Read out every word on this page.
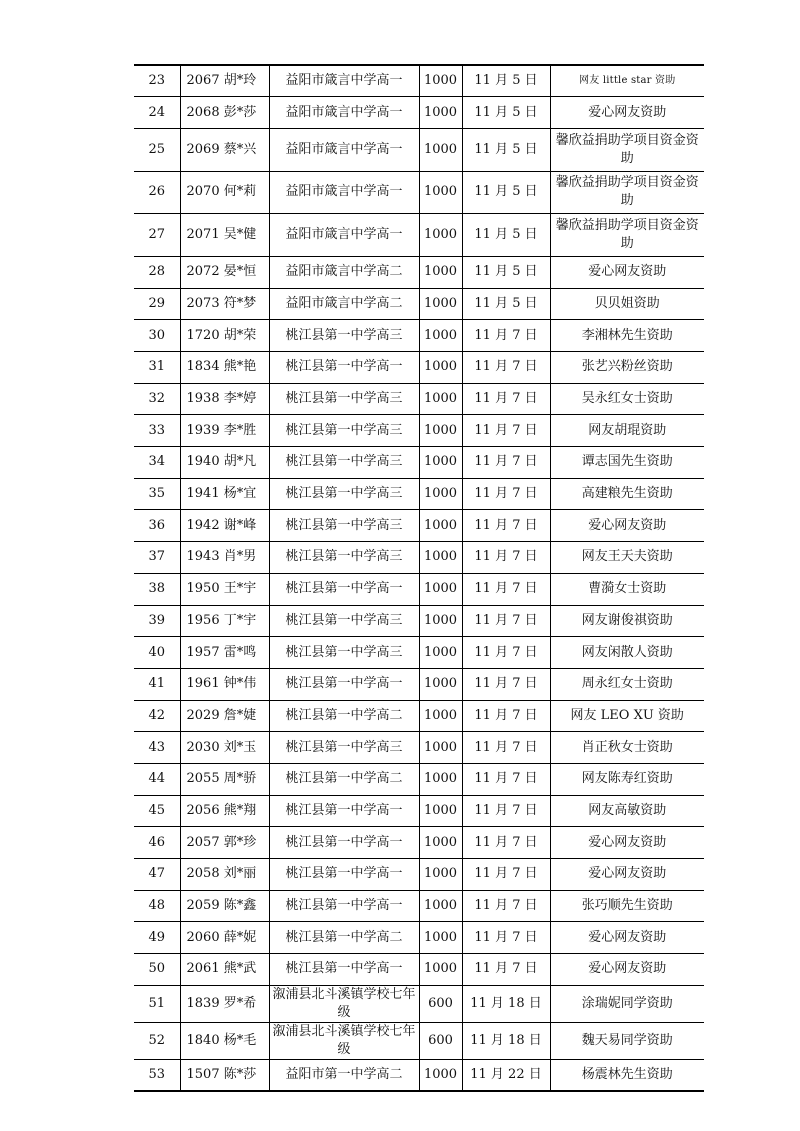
23	2067 胡*玲	益阳市箴言中学高一	1000	11 月 5 日	网友 little star 资助
24	2068 彭*莎	益阳市箴言中学高一	1000	11 月 5 日	爱心网友资助
25	2069 蔡*兴	益阳市箴言中学高一	1000	11 月 5 日	馨欣益捐助学项目资金资助
26	2070 何*莉	益阳市箴言中学高一	1000	11 月 5 日	馨欣益捐助学项目资金资助
27	2071 吴*健	益阳市箴言中学高一	1000	11 月 5 日	馨欣益捐助学项目资金资助
28	2072 晏*恒	益阳市箴言中学高二	1000	11 月 5 日	爱心网友资助
29	2073 符*梦	益阳市箴言中学高二	1000	11 月 5 日	贝贝姐资助
30	1720 胡*荣	桃江县第一中学高三	1000	11 月 7 日	李湘林先生资助
31	1834 熊*艳	桃江县第一中学高一	1000	11 月 7 日	张艺兴粉丝资助
32	1938 李*婷	桃江县第一中学高三	1000	11 月 7 日	吴永红女士资助
33	1939 李*胜	桃江县第一中学高三	1000	11 月 7 日	网友胡琨资助
34	1940 胡*凡	桃江县第一中学高三	1000	11 月 7 日	谭志国先生资助
35	1941 杨*宜	桃江县第一中学高三	1000	11 月 7 日	高建粮先生资助
36	1942 谢*峰	桃江县第一中学高三	1000	11 月 7 日	爱心网友资助
37	1943 肖*男	桃江县第一中学高三	1000	11 月 7 日	网友王天夫资助
38	1950 王*宇	桃江县第一中学高一	1000	11 月 7 日	曹漪女士资助
39	1956 丁*宇	桃江县第一中学高三	1000	11 月 7 日	网友谢俊祺资助
40	1957 雷*鸣	桃江县第一中学高三	1000	11 月 7 日	网友闲散人资助
41	1961 钟*伟	桃江县第一中学高一	1000	11 月 7 日	周永红女士资助
42	2029 詹*婕	桃江县第一中学高二	1000	11 月 7 日	网友 LEO XU 资助
43	2030 刘*玉	桃江县第一中学高三	1000	11 月 7 日	肖正秋女士资助
44	2055 周*骄	桃江县第一中学高二	1000	11 月 7 日	网友陈寿红资助
45	2056 熊*翔	桃江县第一中学高一	1000	11 月 7 日	网友高敏资助
46	2057 郭*珍	桃江县第一中学高一	1000	11 月 7 日	爱心网友资助
47	2058 刘*丽	桃江县第一中学高一	1000	11 月 7 日	爱心网友资助
48	2059 陈*鑫	桃江县第一中学高一	1000	11 月 7 日	张巧顺先生资助
49	2060 薛*妮	桃江县第一中学高二	1000	11 月 7 日	爱心网友资助
50	2061 熊*武	桃江县第一中学高一	1000	11 月 7 日	爱心网友资助
51	1839 罗*希	溆浦县北斗溪镇学校七年级	600	11 月 18 日	涂瑞妮同学资助
52	1840 杨*毛	溆浦县北斗溪镇学校七年级	600	11 月 18 日	魏天易同学资助
53	1507 陈*莎	益阳市第一中学高二	1000	11 月 22 日	杨震林先生资助
